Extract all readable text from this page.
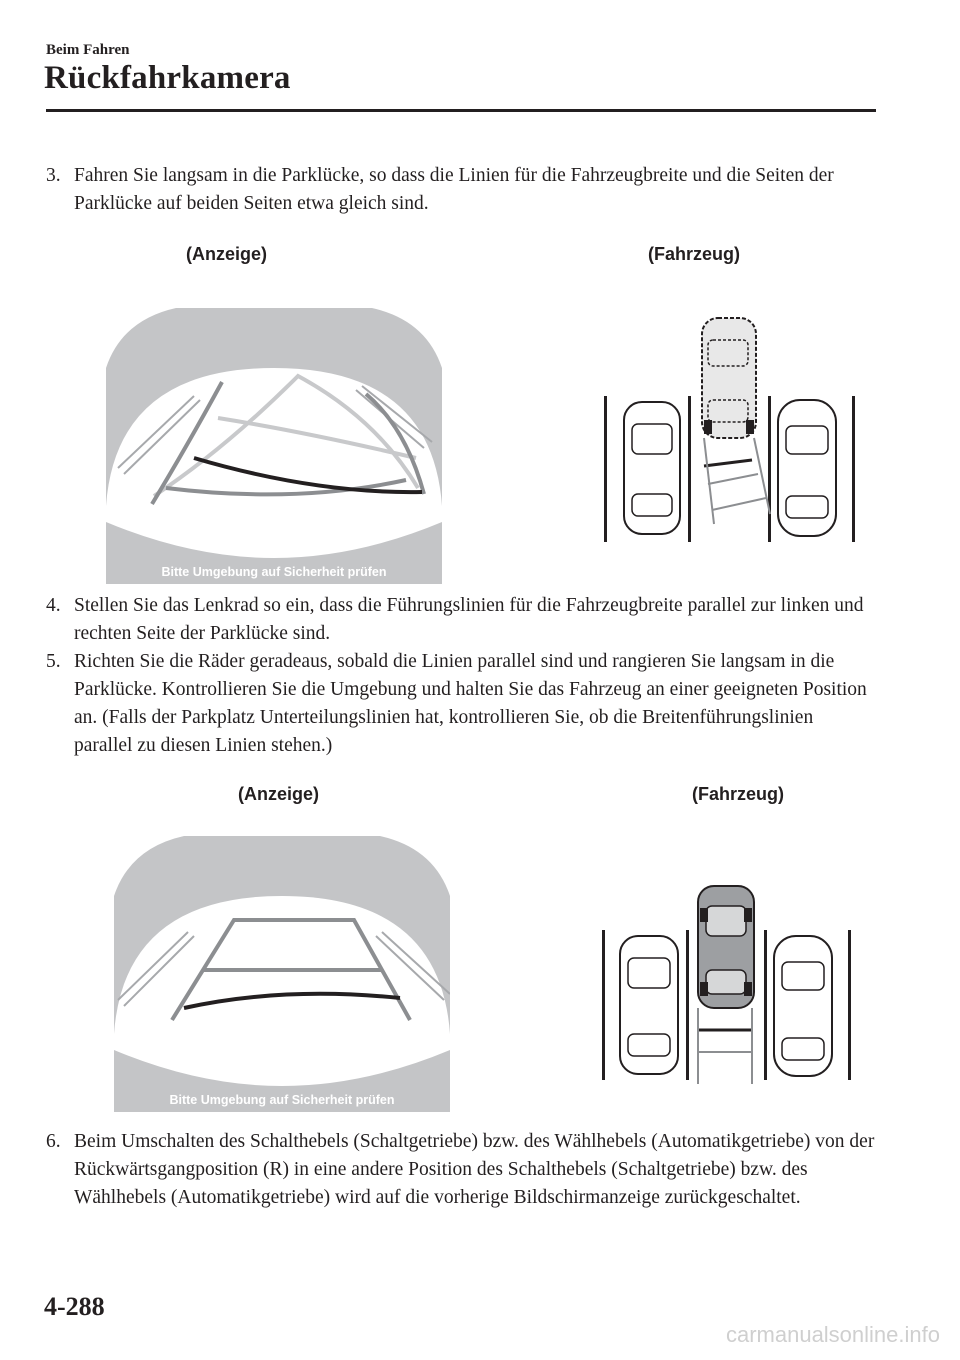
Beim Fahren
Rückfahrkamera
3. Fahren Sie langsam in die Parklücke, so dass die Linien für die Fahrzeugbreite und die Seiten der Parklücke auf beiden Seiten etwa gleich sind.
(Anzeige)	(Fahrzeug)
Bitte Umgebung auf Sicherheit prüfen
4. Stellen Sie das Lenkrad so ein, dass die Führungslinien für die Fahrzeugbreite parallel zur linken und rechten Seite der Parklücke sind.
5. Richten Sie die Räder geradeaus, sobald die Linien parallel sind und rangieren Sie langsam in die Parklücke. Kontrollieren Sie die Umgebung und halten Sie das Fahrzeug an einer geeigneten Position an. (Falls der Parkplatz Unterteilungslinien hat, kontrollieren Sie, ob die Breitenführungslinien parallel zu diesen Linien stehen.)
(Anzeige)	(Fahrzeug)
Bitte Umgebung auf Sicherheit prüfen
6. Beim Umschalten des Schalthebels (Schaltgetriebe) bzw. des Wählhebels (Automatikgetriebe) von der Rückwärtsgangposition (R) in eine andere Position des Schalthebels (Schaltgetriebe) bzw. des Wählhebels (Automatikgetriebe) wird auf die vorherige Bildschirmanzeige zurückgeschaltet.
4-288
carmanualsonline.info
